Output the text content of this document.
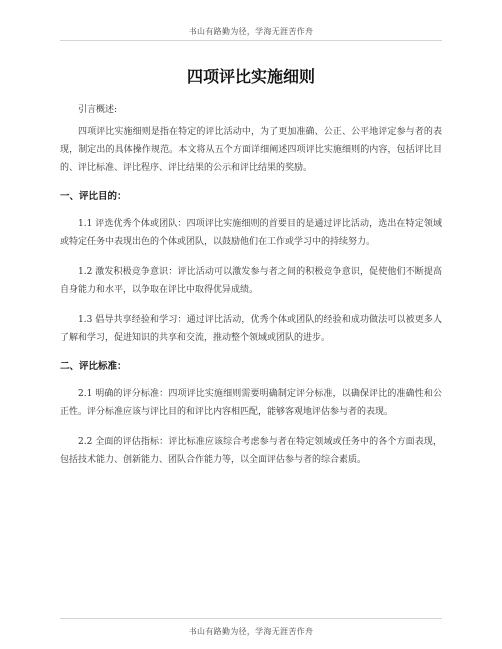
书山有路勤为径，学海无涯苦作舟
四项评比实施细则

引言概述:

四项评比实施细则是指在特定的评比活动中，为了更加准确、公正、公平地评定参与者的表现，制定出的具体操作规范。本文将从五个方面详细阐述四项评比实施细则的内容，包括评比目的、评比标准、评比程序、评比结果的公示和评比结果的奖励。

一、评比目的：

1.1 评选优秀个体或团队：四项评比实施细则的首要目的是通过评比活动，选出在特定领域或特定任务中表现出色的个体或团队，以鼓励他们在工作或学习中的持续努力。

1.2 激发积极竞争意识：评比活动可以激发参与者之间的积极竞争意识，促使他们不断提高自身能力和水平，以争取在评比中取得优异成绩。

1.3 倡导共享经验和学习：通过评比活动，优秀个体或团队的经验和成功做法可以被更多人了解和学习，促进知识的共享和交流，推动整个领域或团队的进步。

二、评比标准：

2.1 明确的评分标准：四项评比实施细则需要明确制定评分标准，以确保评比的准确性和公正性。评分标准应该与评比目的和评比内容相匹配，能够客观地评估参与者的表现。

2.2 全面的评估指标：评比标准应该综合考虑参与者在特定领域或任务中的各个方面表现，包括技术能力、创新能力、团队合作能力等，以全面评估参与者的综合素质。

书山有路勤为径，学海无涯苦作舟
